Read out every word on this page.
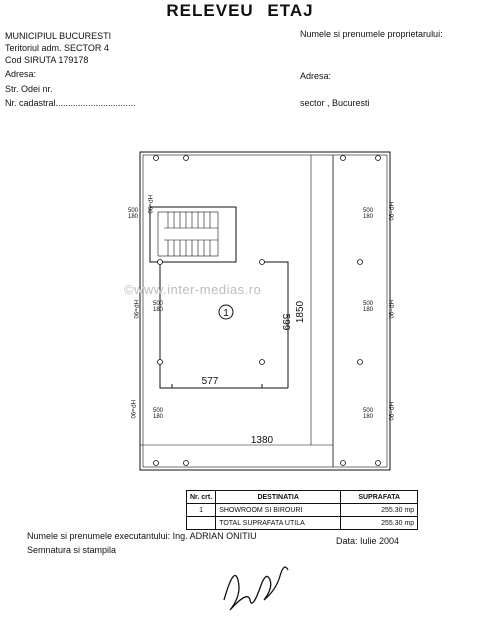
RELEVEU ETAJ
MUNICIPIUL BUCURESTI
Teritoriul adm. SECTOR 4
Cod SIRUTA 179178
Adresa:
Str. Odei nr.
Nr. cadastral................................
Numele si prenumele proprietarului:
Adresa:
sector , Bucuresti
1	1850
1380
599
577
500
180
HP=90
500
180
HP=90
500
180
HP=90
500
180 HP=90
500
180 HP=90
500
180 HP=90
©www.inter-medias.ro
Nr. crt.	DESTINATIA	SUPRAFATA
1	SHOWROOM SI BIROURI	255.30 mp
	TOTAL SUPRAFATA UTILA	255.30 mp
Numele si prenumele executantului: Ing. ADRIAN ONITIU
Semnatura si stampila
Data: Iulie 2004
